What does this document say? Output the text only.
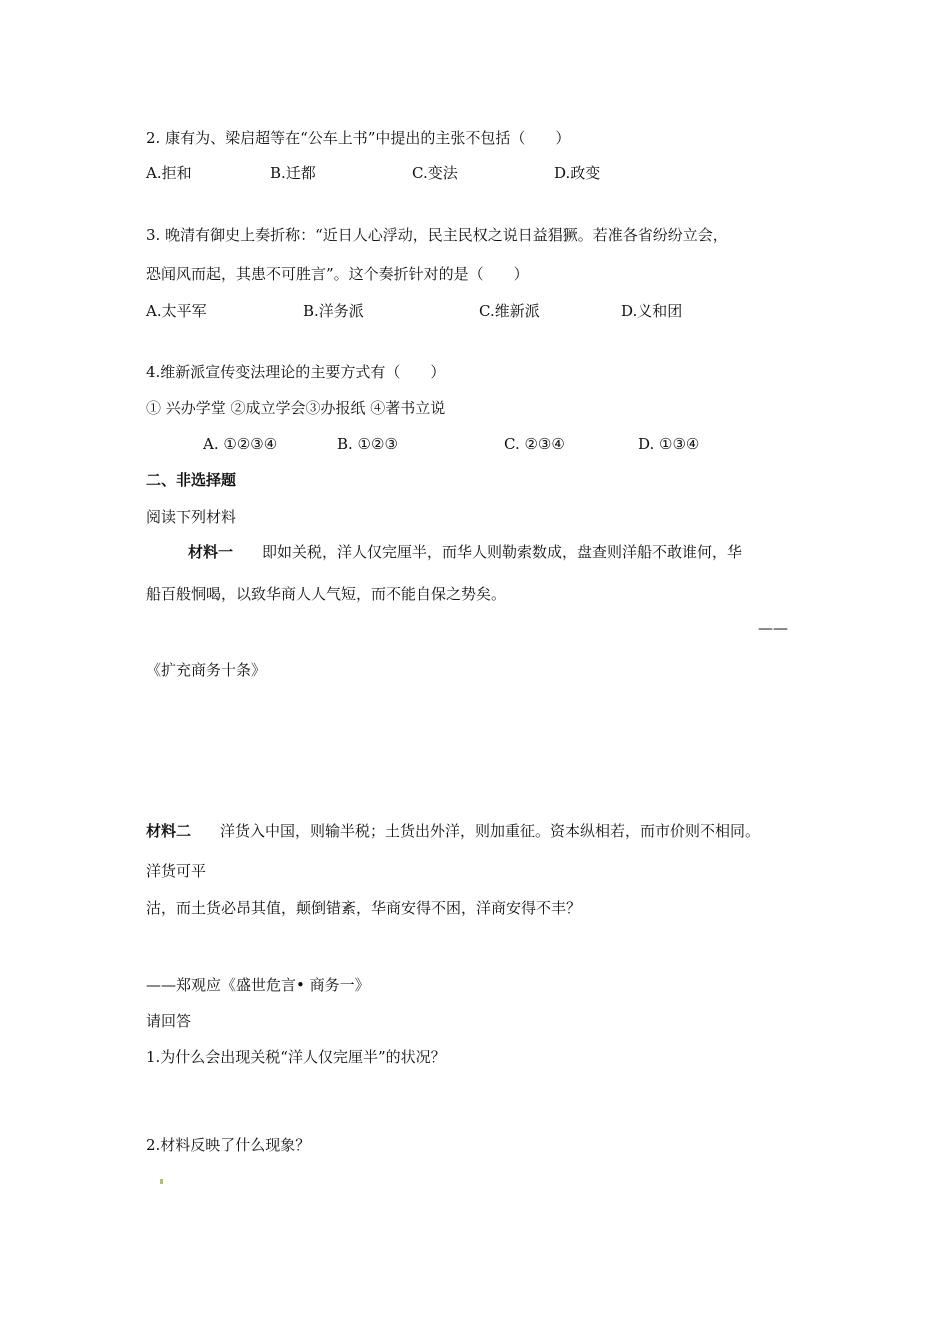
2. 康有为、梁启超等在“公车上书”中提出的主张不包括（　　）
A.拒和	B.迁都	C.变法	D.政变
3. 晚清有御史上奏折称：“近日人心浮动，民主民权之说日益猖獗。若准各省纷纷立会，
恐闻风而起，其患不可胜言”。这个奏折针对的是（　　）
A.太平军	B.洋务派	C.维新派	D.义和团
4.维新派宣传变法理论的主要方式有（　　）
① 兴办学堂 ②成立学会③办报纸 ④著书立说
A. ①②③④	B. ①②③	C. ②③④	D. ①③④
二、非选择题
阅读下列材料
材料一 即如关税，洋人仅完厘半，而华人则勒索数成，盘查则洋船不敢谁何，华
船百般恫喝，以致华商人人气短，而不能自保之势矣。
——
《扩充商务十条》
材料二 洋货入中国，则输半税；土货出外洋，则加重征。资本纵相若，而市价则不相同。
洋货可平
沽，而土货必昂其值，颠倒错紊，华商安得不困，洋商安得不丰？
——郑观应《盛世危言• 商务一》
请回答
1.为什么会出现关税“洋人仅完厘半”的状况？
2.材料反映了什么现象？
